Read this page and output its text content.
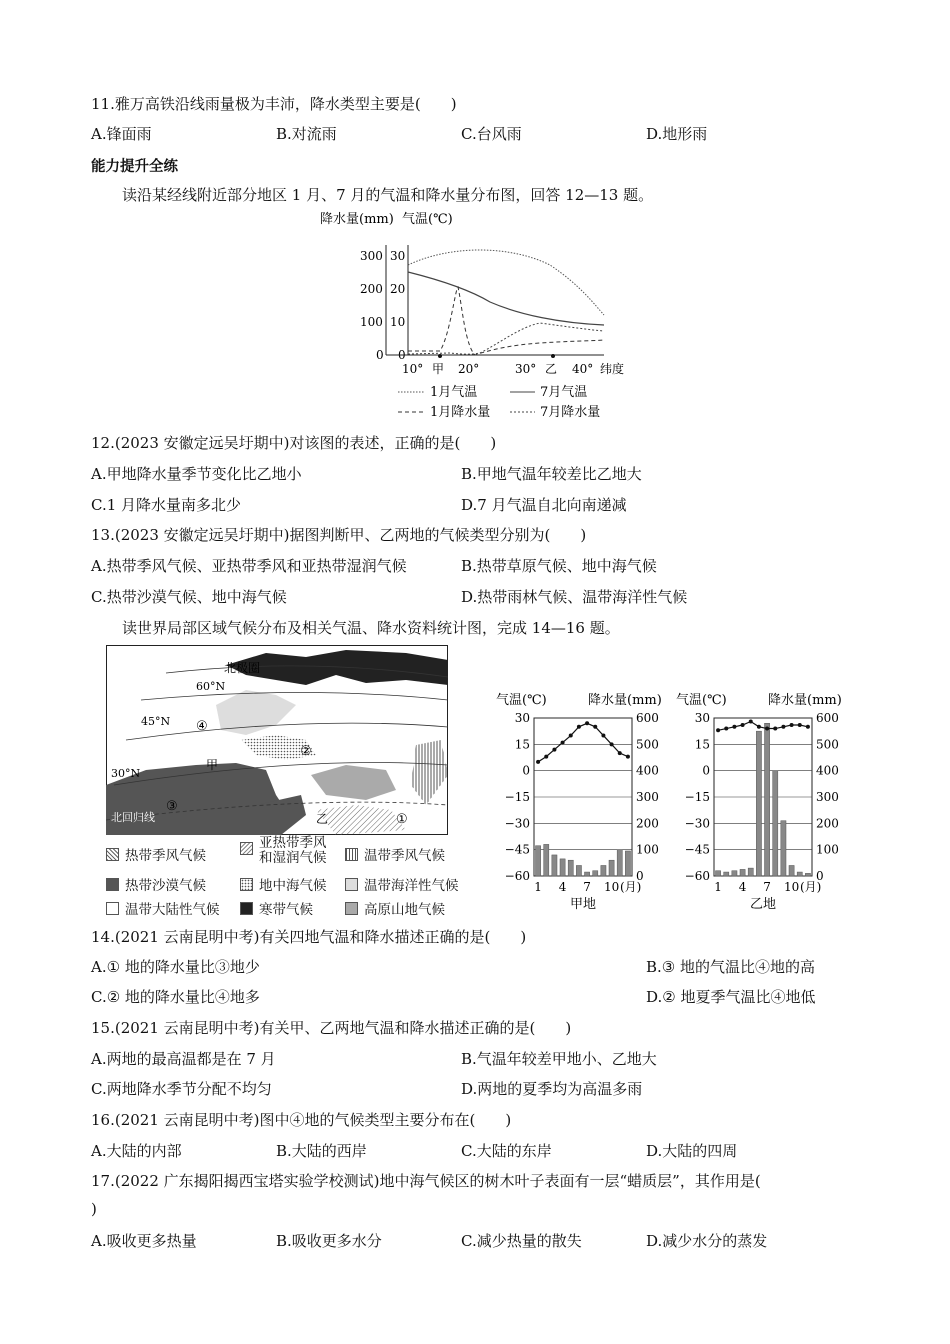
11.雅万高铁沿线雨量极为丰沛，降水类型主要是(　　)
A.锋面雨	B.对流雨	C.台风雨	D.地形雨
能力提升全练
读沿某经线附近部分地区 1 月、7 月的气温和降水量分布图，回答 12—13 题。
降水量(mm) 气温(℃)
300
200
100
0
30
20
10
0
10° 甲 20°	30° 乙 40° 纬度
1月气温	7月气温
1月降水量	7月降水量
12.(2023 安徽定远吴圩期中)对该图的表述，正确的是(　　)
A.甲地降水量季节变化比乙地小	B.甲地气温年较差比乙地大
C.1 月降水量南多北少	D.7 月气温自北向南递减
13.(2023 安徽定远吴圩期中)据图判断甲、乙两地的气候类型分别为(　　)
A.热带季风气候、亚热带季风和亚热带湿润气候	B.热带草原气候、地中海气候
C.热带沙漠气候、地中海气候	D.热带雨林气候、温带海洋性气候
读世界局部区域气候分布及相关气温、降水资料统计图，完成 14—16 题。
北极圈
60°N
45°N
30°N
北回归线	①
②
③
④
甲
乙
热带季风气候
亚热带季风
和湿润气候	温带季风气候
热带沙漠气候	地中海气候	温带海洋性气候
温带大陆性气候	寒带气候	高原山地气候
气温(℃)	降水量(mm)
30	600
15	500
0	400
−15	300
−30	200
−45	100
−60	0
1 4 7 10 (月)
甲地
气温(℃)	降水量(mm)
30	600
15	500
0	400
−15	300
−30	200
−45	100
−60	0
1 4 7 10 (月)
乙地
14.(2021 云南昆明中考)有关四地气温和降水描述正确的是(　　)
A.① 地的降水量比③地少	B.③ 地的气温比④地的高
C.② 地的降水量比④地多	D.② 地夏季气温比④地低
15.(2021 云南昆明中考)有关甲、乙两地气温和降水描述正确的是(　　)
A.两地的最高温都是在 7 月	B.气温年较差甲地小、乙地大
C.两地降水季节分配不均匀	D.两地的夏季均为高温多雨
16.(2021 云南昆明中考)图中④地的气候类型主要分布在(　　)
A.大陆的内部	B.大陆的西岸	C.大陆的东岸	D.大陆的四周
17.(2022 广东揭阳揭西宝塔实验学校测试)地中海气候区的树木叶子表面有一层“蜡质层”，其作用是(
)
A.吸收更多热量	B.吸收更多水分	C.减少热量的散失	D.减少水分的蒸发
